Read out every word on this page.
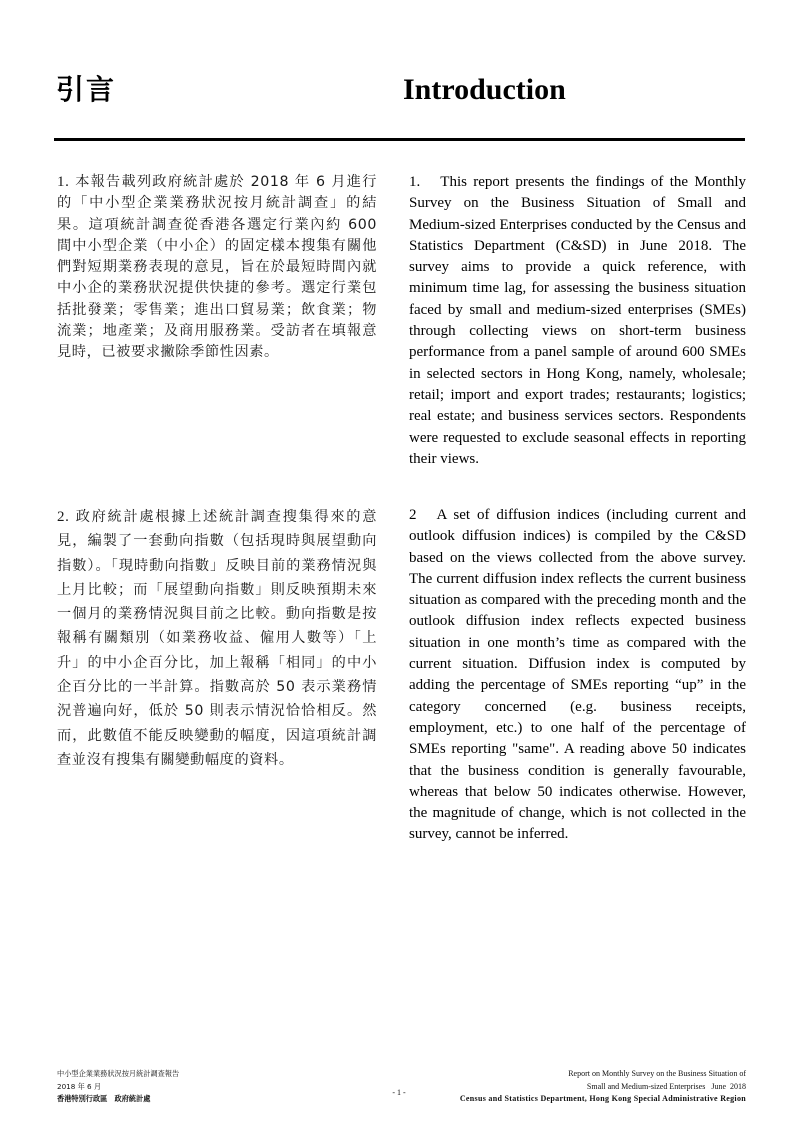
引言	Introduction

1. 本報告載列政府統計處於 2018 年 6 月進行的「中小型企業業務狀況按月統計調查」的結果。這項統計調查從香港各選定行業內約 600 間中小型企業（中小企）的固定樣本搜集有關他們對短期業務表現的意見，旨在於最短時間內就中小企的業務狀況提供快捷的參考。選定行業包括批發業；零售業；進出口貿易業；飲食業；物流業；地產業；及商用服務業。受訪者在填報意見時，已被要求撇除季節性因素。

1. This report presents the findings of the Monthly Survey on the Business Situation of Small and Medium-sized Enterprises conducted by the Census and Statistics Department (C&SD) in June 2018. The survey aims to provide a quick reference, with minimum time lag, for assessing the business situation faced by small and medium-sized enterprises (SMEs) through collecting views on short-term business performance from a panel sample of around 600 SMEs in selected sectors in Hong Kong, namely, wholesale; retail; import and export trades; restaurants; logistics; real estate; and business services sectors. Respondents were requested to exclude seasonal effects in reporting their views.

2. 政府統計處根據上述統計調查搜集得來的意見，編製了一套動向指數（包括現時與展望動向指數）。「現時動向指數」反映目前的業務情況與上月比較；而「展望動向指數」則反映預期未來一個月的業務情況與目前之比較。動向指數是按報稱有關類別（如業務收益、僱用人數等）「上升」的中小企百分比，加上報稱「相同」的中小企百分比的一半計算。指數高於 50 表示業務情況普遍向好，低於 50 則表示情況恰恰相反。然而，此數值不能反映變動的幅度，因這項統計調查並沒有搜集有關變動幅度的資料。

2 A set of diffusion indices (including current and outlook diffusion indices) is compiled by the C&SD based on the views collected from the above survey. The current diffusion index reflects the current business situation as compared with the preceding month and the outlook diffusion index reflects expected business situation in one month’s time as compared with the current situation. Diffusion index is computed by adding the percentage of SMEs reporting “up” in the category concerned (e.g. business receipts, employment, etc.) to one half of the percentage of SMEs reporting "same". A reading above 50 indicates that the business condition is generally favourable, whereas that below 50 indicates otherwise. However, the magnitude of change, which is not collected in the survey, cannot be inferred.

中小型企業業務狀況按月統計調查報告
2018 年 6 月
香港特別行政區　政府統計處
- 1 -
Report on Monthly Survey on the Business Situation of
Small and Medium-sized Enterprises   June  2018
Census and Statistics Department, Hong Kong Special Administrative Region
